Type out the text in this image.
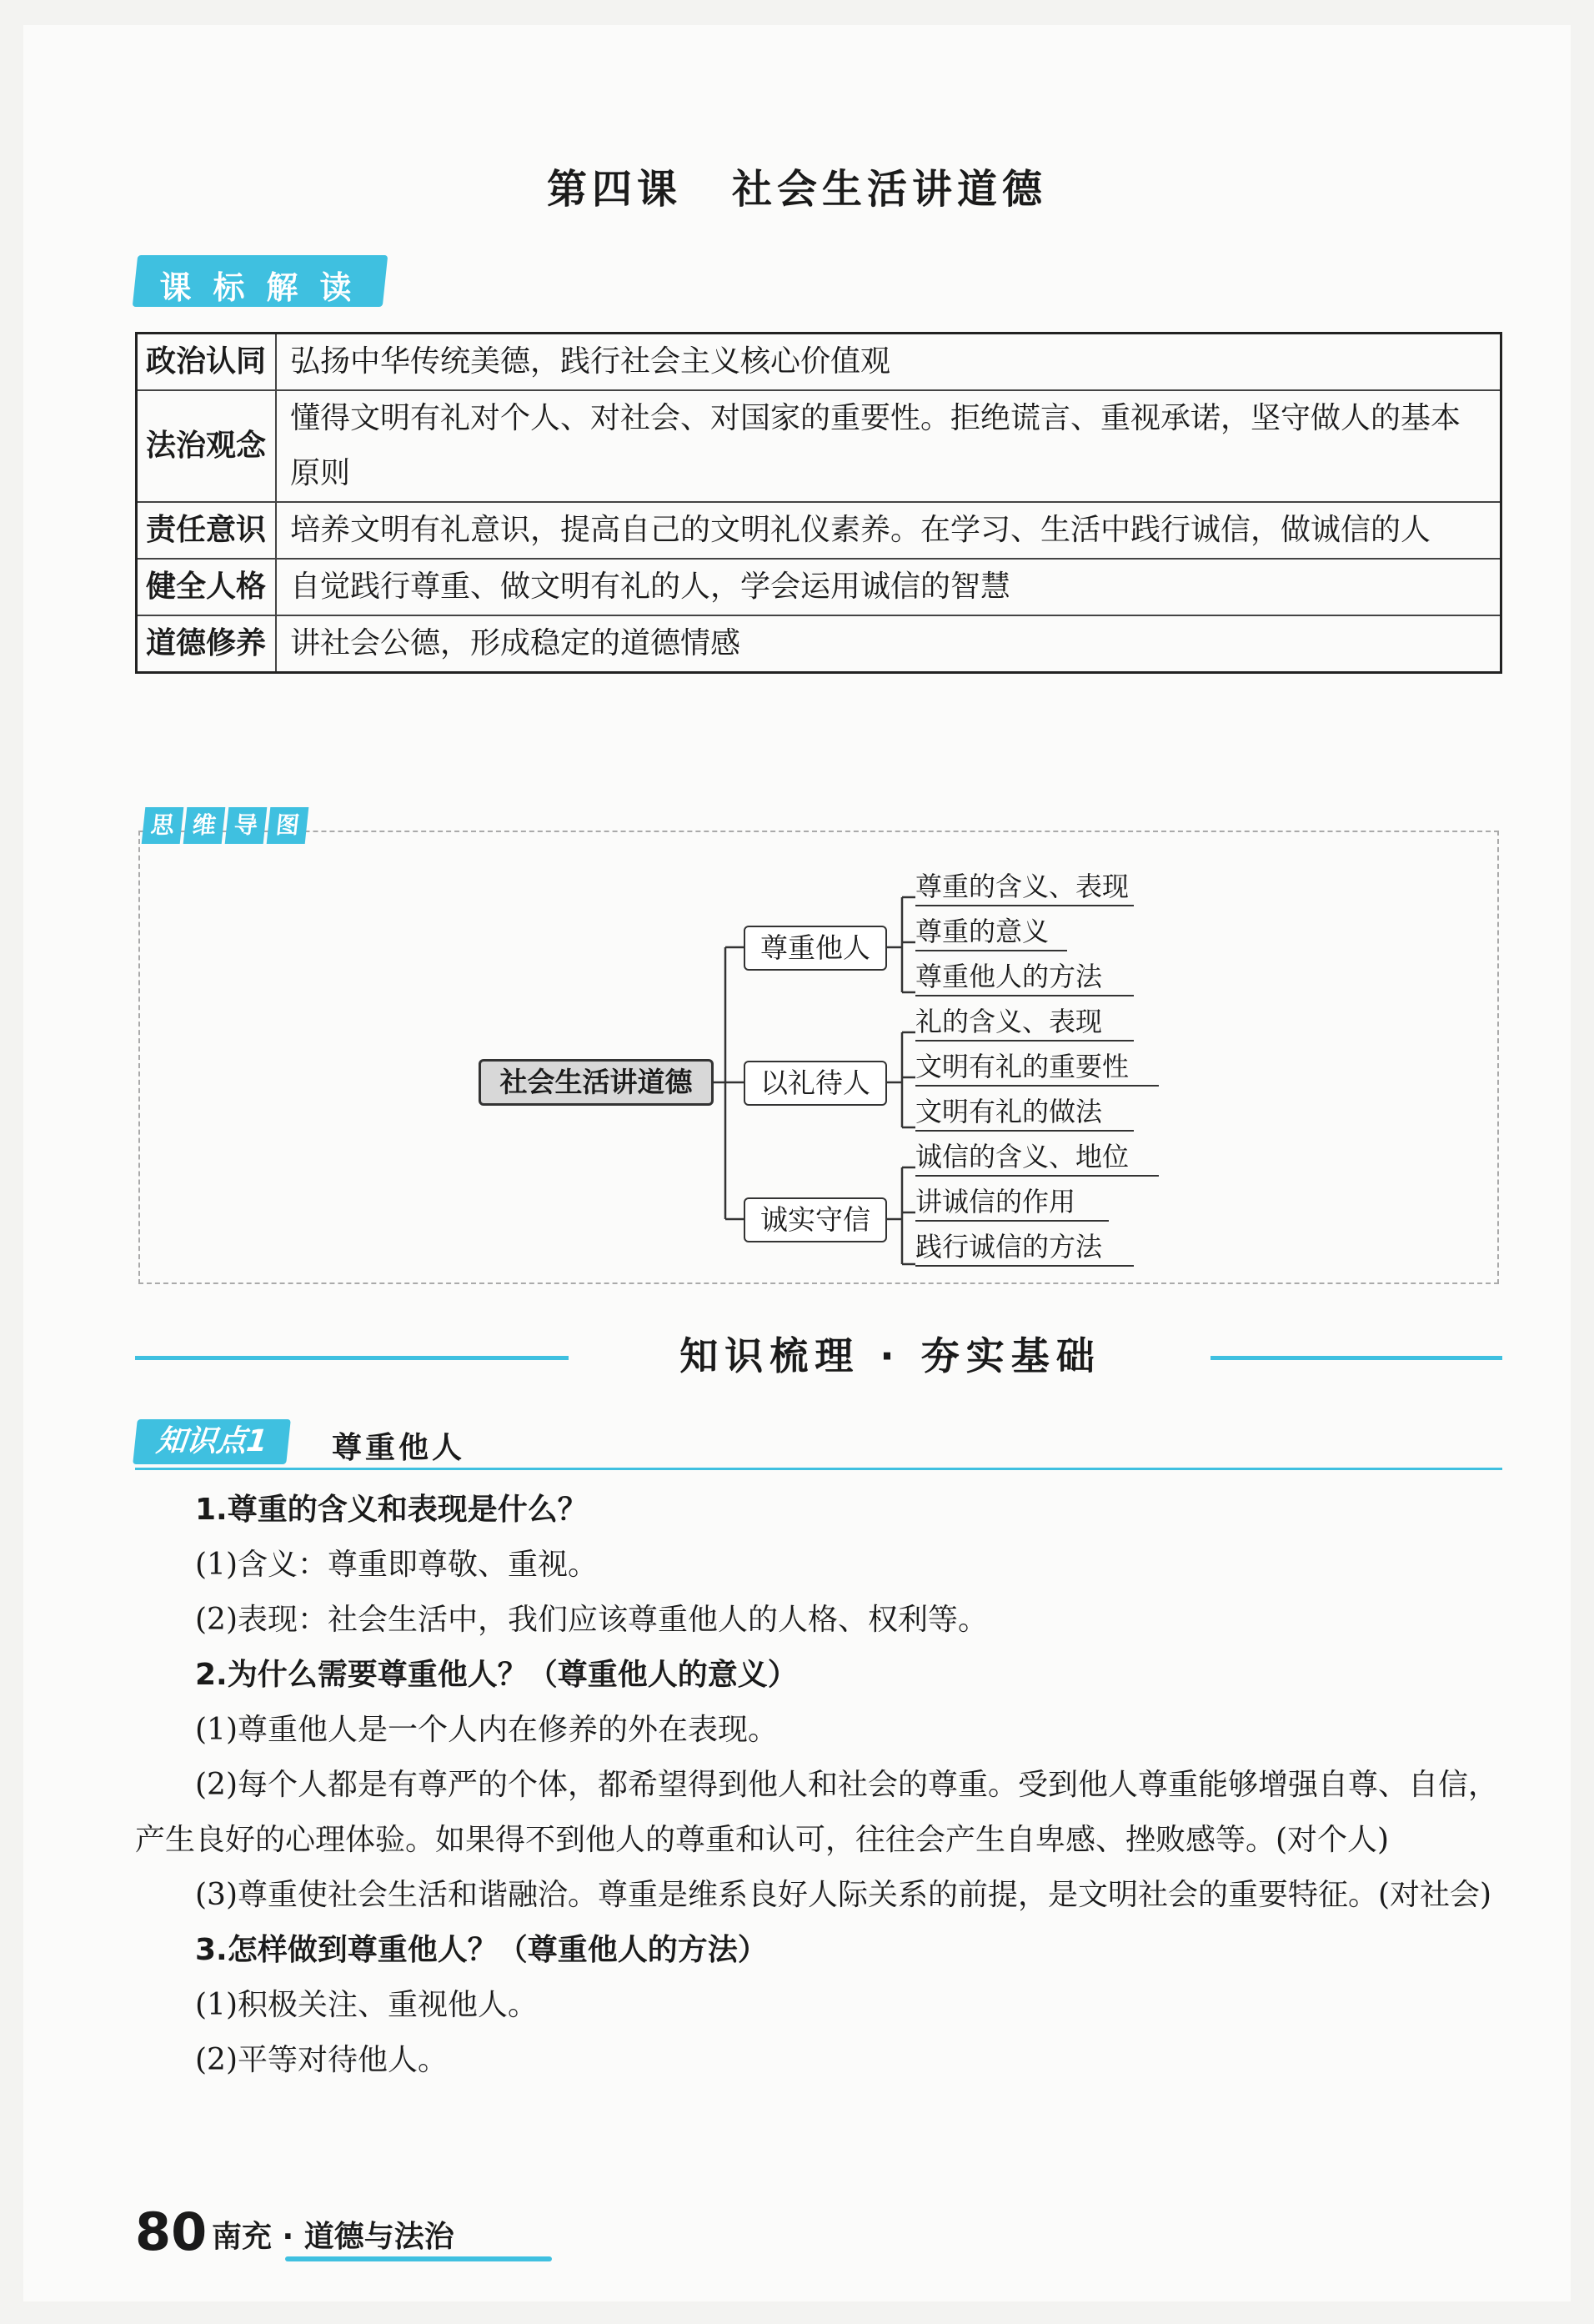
第四课 社会生活讲道德
课标解读
政治认同	弘扬中华传统美德，践行社会主义核心价值观
法治观念	懂得文明有礼对个人、对社会、对国家的重要性。拒绝谎言、重视承诺，坚守做人的基本原则
责任意识	培养文明有礼意识，提高自己的文明礼仪素养。在学习、生活中践行诚信，做诚信的人
健全人格	自觉践行尊重、做文明有礼的人，学会运用诚信的智慧
道德修养	讲社会公德，形成稳定的道德情感
思 维 导 图
社会生活讲道德
尊重他人
以礼待人
诚实守信
尊重的含义、表现
尊重的意义
尊重他人的方法
礼的含义、表现
文明有礼的重要性
文明有礼的做法
诚信的含义、地位
讲诚信的作用
践行诚信的方法
知识梳理 · 夯实基础
知识点1	尊重他人

1.尊重的含义和表现是什么？

(1)含义：尊重即尊敬、重视。

(2)表现：社会生活中，我们应该尊重他人的人格、权利等。

2.为什么需要尊重他人？（尊重他人的意义）

(1)尊重他人是一个人内在修养的外在表现。

(2)每个人都是有尊严的个体，都希望得到他人和社会的尊重。受到他人尊重能够增强自尊、自信，产生良好的心理体验。如果得不到他人的尊重和认可，往往会产生自卑感、挫败感等。(对个人)

(3)尊重使社会生活和谐融洽。尊重是维系良好人际关系的前提，是文明社会的重要特征。(对社会)

3.怎样做到尊重他人？（尊重他人的方法）

(1)积极关注、重视他人。

(2)平等对待他人。

80 南充 · 道德与法治
